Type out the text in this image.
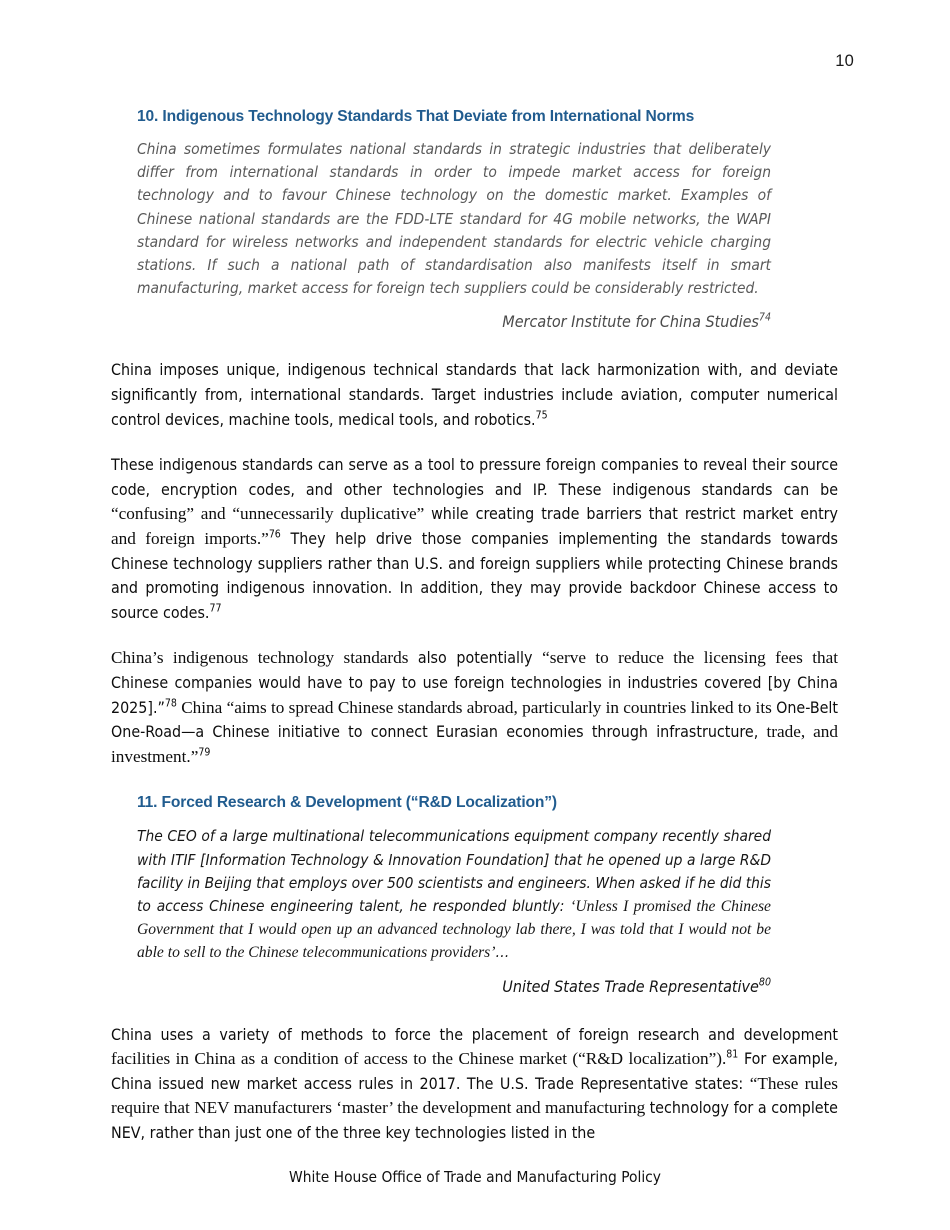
10
10. Indigenous Technology Standards That Deviate from International Norms
China sometimes formulates national standards in strategic industries that deliberately differ from international standards in order to impede market access for foreign technology and to favour Chinese technology on the domestic market. Examples of Chinese national standards are the FDD-LTE standard for 4G mobile networks, the WAPI standard for wireless networks and independent standards for electric vehicle charging stations. If such a national path of standardisation also manifests itself in smart manufacturing, market access for foreign tech suppliers could be considerably restricted.
Mercator Institute for China Studies$^{74}$

China imposes unique, indigenous technical standards that lack harmonization with, and deviate significantly from, international standards. Target industries include aviation, computer numerical control devices, machine tools, medical tools, and robotics.$^{75}$

These indigenous standards can serve as a tool to pressure foreign companies to reveal their source code, encryption codes, and other technologies and IP. These indigenous standards can be “confusing” and “unnecessarily duplicative” while creating trade barriers that restrict market entry and foreign imports.”$^{76}$ They help drive those companies implementing the standards towards Chinese technology suppliers rather than U.S. and foreign suppliers while protecting Chinese brands and promoting indigenous innovation. In addition, they may provide backdoor Chinese access to source codes.$^{77}$

China’s indigenous technology standards also potentially “serve to reduce the licensing fees that Chinese companies would have to pay to use foreign technologies in industries covered [by China 2025].”$^{78}$ China “aims to spread Chinese standards abroad, particularly in countries linked to its One-Belt One-Road—a Chinese initiative to connect Eurasian economies through infrastructure, trade, and investment.”$^{79}$

11. Forced Research & Development (“R&D Localization”)
The CEO of a large multinational telecommunications equipment company recently shared with ITIF [Information Technology & Innovation Foundation] that he opened up a large R&D facility in Beijing that employs over 500 scientists and engineers. When asked if he did this to access Chinese engineering talent, he responded bluntly: ‘Unless I promised the Chinese Government that I would open up an advanced technology lab there, I was told that I would not be able to sell to the Chinese telecommunications providers’…
United States Trade Representative$^{80}$

China uses a variety of methods to force the placement of foreign research and development facilities in China as a condition of access to the Chinese market (“R&D localization”).$^{81}$ For example, China issued new market access rules in 2017. The U.S. Trade Representative states: “These rules require that NEV manufacturers ‘master’ the development and manufacturing technology for a complete NEV, rather than just one of the three key technologies listed in the

White House Office of Trade and Manufacturing Policy
